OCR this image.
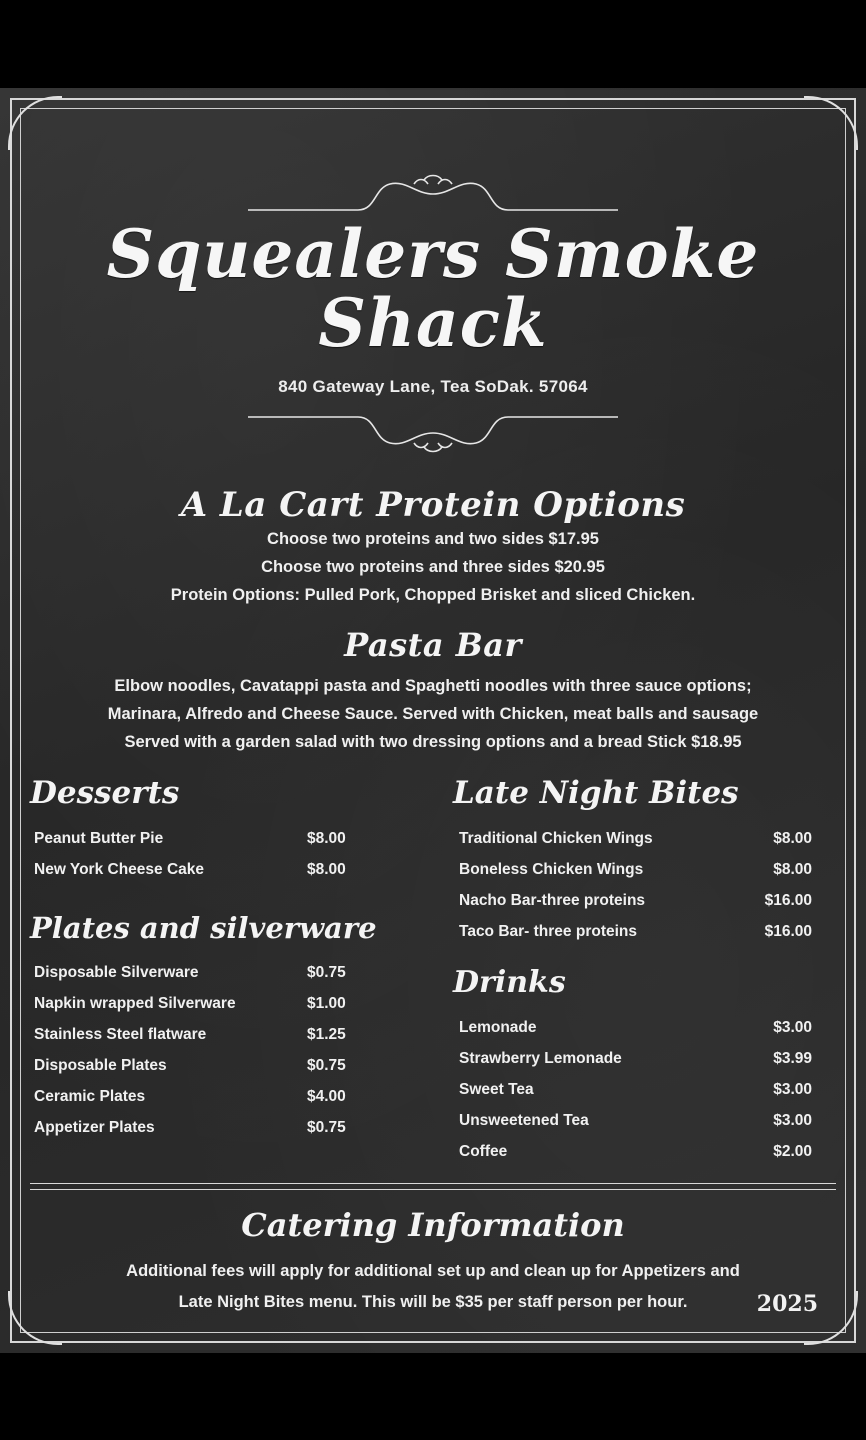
Squealers Smoke Shack
840 Gateway Lane, Tea SoDak. 57064
A La Cart Protein Options
Choose two proteins and two sides $17.95
Choose two proteins and three sides $20.95
Protein Options: Pulled Pork, Chopped Brisket and sliced Chicken.
Pasta Bar
Elbow noodles, Cavatappi pasta and Spaghetti noodles with three sauce options;
Marinara, Alfredo and Cheese Sauce. Served with Chicken, meat balls and sausage
Served with a garden salad with two dressing options and a bread Stick $18.95
Desserts
Peanut Butter Pie	$8.00
New York Cheese Cake	$8.00
Plates and silverware
Disposable Silverware	$0.75
Napkin wrapped Silverware	$1.00
Stainless Steel flatware	$1.25
Disposable Plates	$0.75
Ceramic Plates	$4.00
Appetizer Plates	$0.75
Late Night Bites
Traditional Chicken Wings	$8.00
Boneless Chicken Wings	$8.00
Nacho Bar-three proteins	$16.00
Taco Bar- three proteins	$16.00
Drinks
Lemonade	$3.00
Strawberry Lemonade	$3.99
Sweet Tea	$3.00
Unsweetened Tea	$3.00
Coffee	$2.00
Catering Information
Additional fees will apply for additional set up and clean up for Appetizers and
Late Night Bites menu. This will be $35 per staff person per hour.	2025
